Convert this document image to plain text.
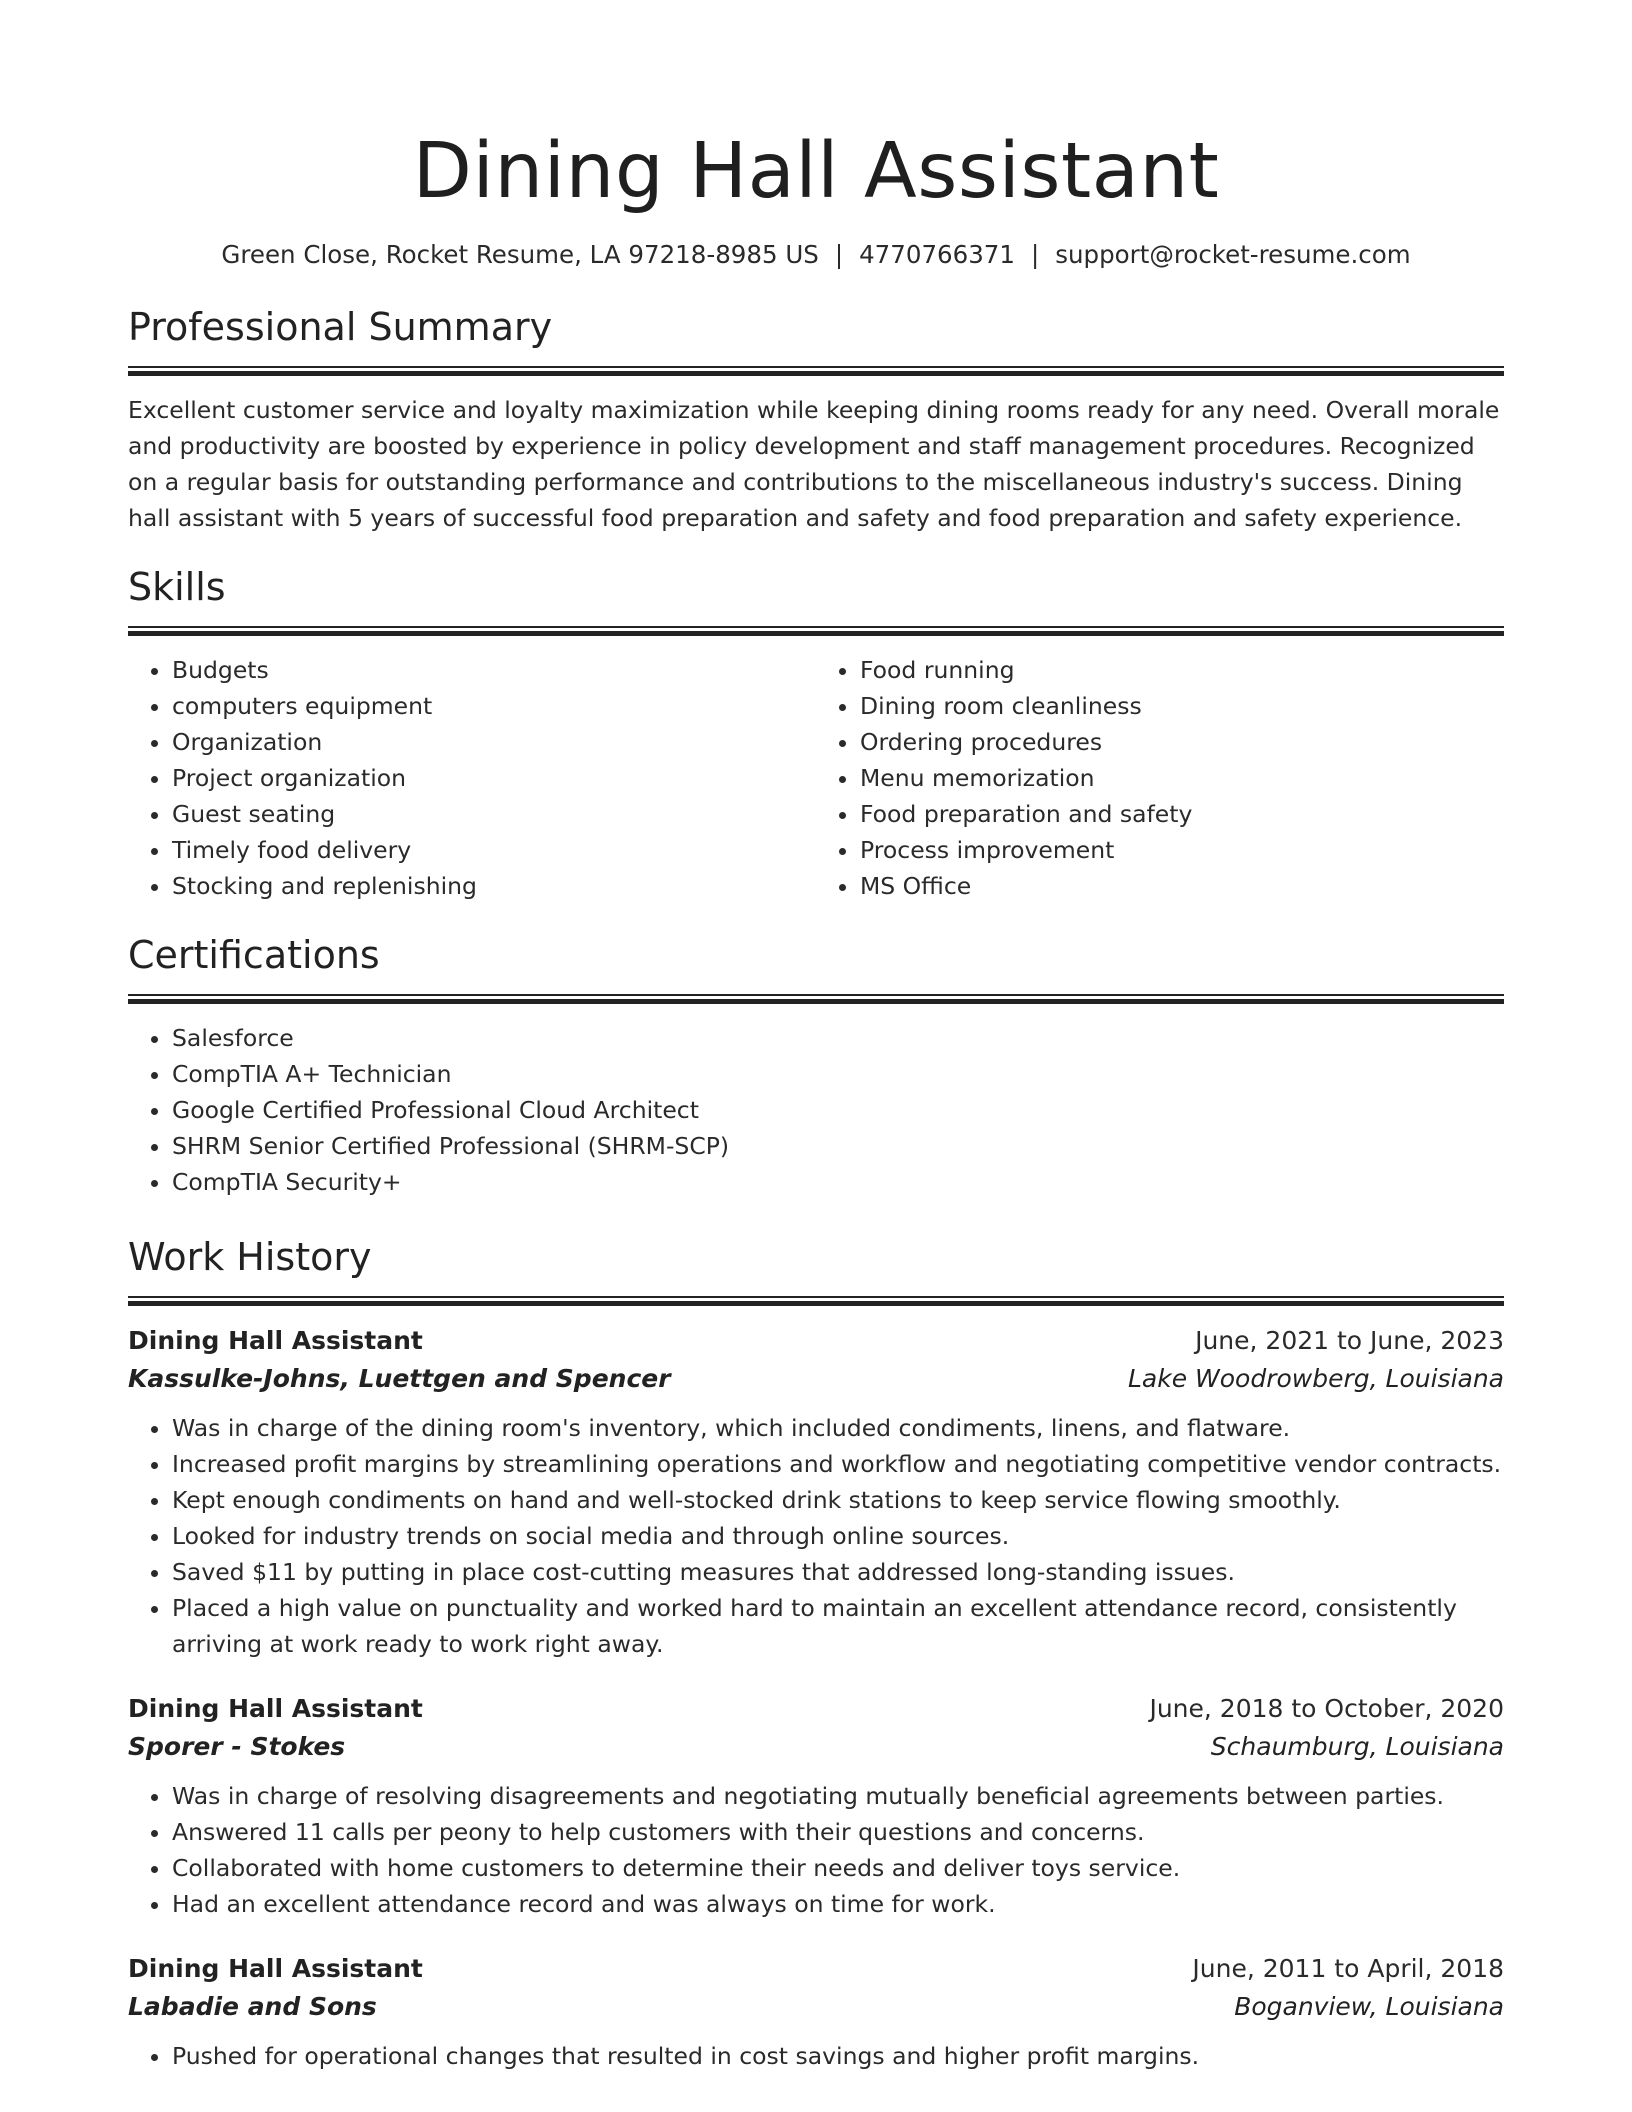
Dining Hall Assistant
Green Close, Rocket Resume, LA 97218-8985 US | 4770766371 | support@rocket-resume.com
Professional Summary

Excellent customer service and loyalty maximization while keeping dining rooms ready for any need. Overall morale and productivity are boosted by experience in policy development and staff management procedures. Recognized on a regular basis for outstanding performance and contributions to the miscellaneous industry's success. Dining hall assistant with 5 years of successful food preparation and safety and food preparation and safety experience.

Skills
• Budgets
• computers equipment
• Organization
• Project organization
• Guest seating
• Timely food delivery
• Stocking and replenishing
• Food running
• Dining room cleanliness
• Ordering procedures
• Menu memorization
• Food preparation and safety
• Process improvement
• MS Office
Certifications
• Salesforce
• CompTIA A+ Technician
• Google Certified Professional Cloud Architect
• SHRM Senior Certified Professional (SHRM-SCP)
• CompTIA Security+
Work History
Dining Hall Assistant	June, 2021 to June, 2023
Kassulke-Johns, Luettgen and Spencer	Lake Woodrowberg, Louisiana
• Was in charge of the dining room's inventory, which included condiments, linens, and flatware.
• Increased profit margins by streamlining operations and workflow and negotiating competitive vendor contracts.
• Kept enough condiments on hand and well-stocked drink stations to keep service flowing smoothly.
• Looked for industry trends on social media and through online sources.
• Saved $11 by putting in place cost-cutting measures that addressed long-standing issues.
• Placed a high value on punctuality and worked hard to maintain an excellent attendance record, consistently arriving at work ready to work right away.
Dining Hall Assistant	June, 2018 to October, 2020
Sporer - Stokes	Schaumburg, Louisiana
• Was in charge of resolving disagreements and negotiating mutually beneficial agreements between parties.
• Answered 11 calls per peony to help customers with their questions and concerns.
• Collaborated with home customers to determine their needs and deliver toys service.
• Had an excellent attendance record and was always on time for work.
Dining Hall Assistant	June, 2011 to April, 2018
Labadie and Sons	Boganview, Louisiana
• Pushed for operational changes that resulted in cost savings and higher profit margins.
